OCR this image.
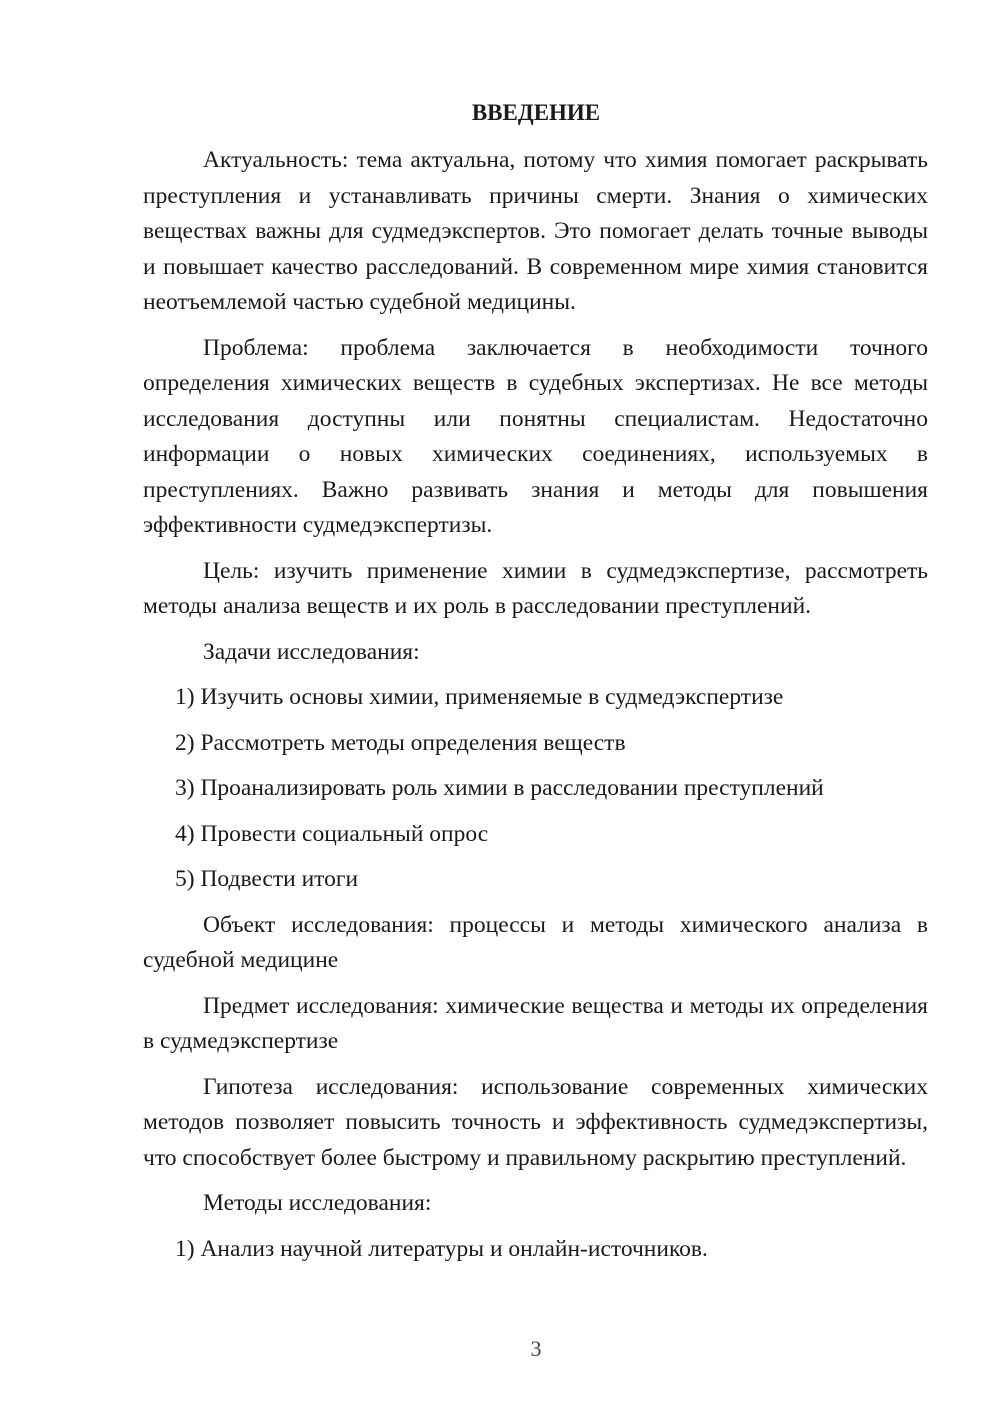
ВВЕДЕНИЕ

Актуальность: тема актуальна, потому что химия помогает раскрывать преступления и устанавливать причины смерти. Знания о химических веществах важны для судмедэкспертов. Это помогает делать точные выводы и повышает качество расследований. В современном мире химия становится неотъемлемой частью судебной медицины.

Проблема: проблема заключается в необходимости точного определения химических веществ в судебных экспертизах. Не все методы исследования доступны или понятны специалистам. Недостаточно информации о новых химических соединениях, используемых в преступлениях. Важно развивать знания и методы для повышения эффективности судмедэкспертизы.

Цель: изучить применение химии в судмедэкспертизе, рассмотреть методы анализа веществ и их роль в расследовании преступлений.

Задачи исследования:

1) Изучить основы химии, применяемые в судмедэкспертизе
2) Рассмотреть методы определения веществ
3) Проанализировать роль химии в расследовании преступлений
4) Провести социальный опрос
5) Подвести итоги

Объект исследования: процессы и методы химического анализа в судебной медицине

Предмет исследования: химические вещества и методы их определения в судмедэкспертизе

Гипотеза исследования: использование современных химических методов позволяет повысить точность и эффективность судмедэкспертизы, что способствует более быстрому и правильному раскрытию преступлений.

Методы исследования:

1) Анализ научной литературы и онлайн-источников.
3
